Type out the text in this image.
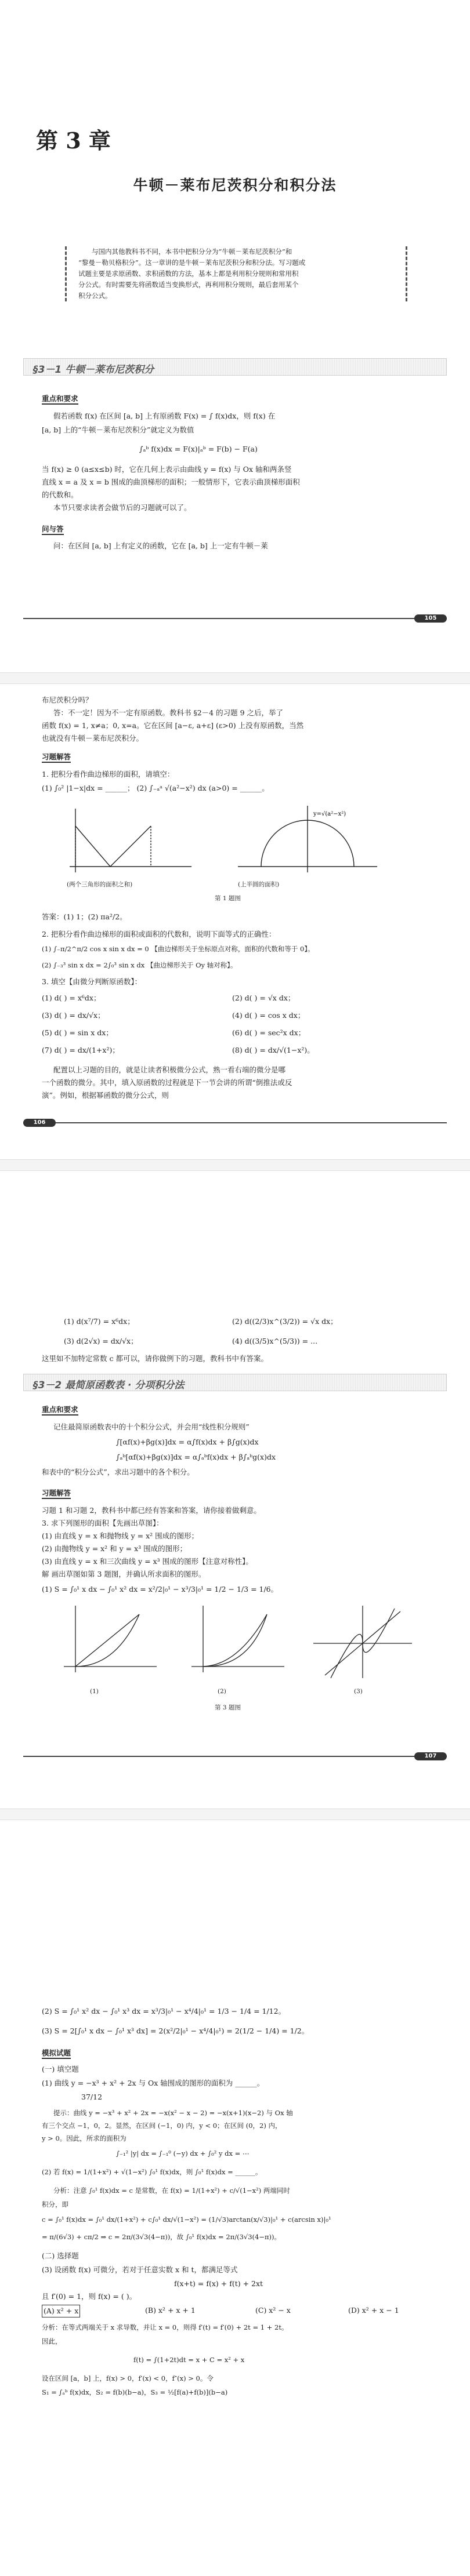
第 3 章
牛顿－莱布尼茨积分和积分法
与国内其他教科书不同，本书中把积分分为“牛顿－莱布尼茨积分”和
“黎曼－勒贝格积分”。这一章讲的是牛顿－莱布尼茨积分和积分法。写习题或
试题主要是求原函数、求积函数的方法，基本上都是利用积分规则和常用积
分公式。有时需要先将函数适当变换形式，再利用积分规则，最后套用某个
积分公式。
§3－1 牛顿－莱布尼茨积分
重点和要求
假若函数 f(x) 在区间 [a, b] 上有原函数 F(x) = ∫ f(x)dx，则 f(x) 在
[a, b] 上的“牛顿－莱布尼茨积分”就定义为数值
∫ₐᵇ f(x)dx = F(x)|ₐᵇ = F(b) − F(a)
当 f(x) ≥ 0 (a≤x≤b) 时，它在几何上表示由曲线 y = f(x) 与 Ox 轴和两条竖
直线 x = a 及 x = b 围成的曲顶梯形的面积；一般情形下，它表示曲顶梯形面积
的代数和。
本节只要求读者会做节后的习题就可以了。
问与答
问：在区间 [a, b] 上有定义的函数，它在 [a, b] 上一定有牛顿－莱
105
布尼茨积分吗？
答：不一定！因为不一定有原函数。教科书 §2－4 的习题 9 之后，举了
函数 f(x) = 1, x≠a；0, x=a。它在区间 [a−ε, a+ε] (ε>0) 上没有原函数，当然
也就没有牛顿－莱布尼茨积分。
习题解答
1. 把积分看作曲边梯形的面积，请填空：
(1) ∫₀² |1−x|dx = ______； (2) ∫₋ₐᵃ √(a²−x²) dx (a>0) = ______。
y=√(a²−x²)
(两个三角形的面积之和)	(上半圆的面积)
第 1 题图
答案：(1) 1；(2) πa²/2。
2. 把积分看作曲边梯形的面积或面积的代数和，说明下面等式的正确性：
(1) ∫₋π/2^π/2 cos x sin x dx = 0 【曲边梯形关于坐标原点对称，面积的代数和等于 0】。
(2) ∫₋₃³ sin x dx = 2∫₀³ sin x dx 【曲边梯形关于 Oy 轴对称】。
3. 填空【由微分判断原函数】：
(1) d( ) = x⁶dx；	(2) d( ) = √x dx；
(3) d( ) = dx/√x；	(4) d( ) = cos x dx；
(5) d( ) = sin x dx；	(6) d( ) = sec²x dx；
(7) d( ) = dx/(1+x²)；	(8) d( ) = dx/√(1−x²)。
配置以上习题的目的，就是让读者积极微分公式，熟一看右端的微分是哪
一个函数的微分。其中，填入原函数的过程就是下一节会讲的所谓“倒推法或反
演”。例如，根据幂函数的微分公式，则
106
(1) d(x⁷/7) = x⁶dx；	(2) d((2/3)x^(3/2)) = √x dx；
(3) d(2√x) = dx/√x；	(4) d((3/5)x^(5/3)) = ...
这里如不加特定常数 c 都可以，请你做例下的习题，教科书中有答案。
§3－2 最简原函数表 · 分项积分法
重点和要求
记住最简原函数表中的十个积分公式，并会用“线性积分规则”
∫[αf(x)+βg(x)]dx = α∫f(x)dx + β∫g(x)dx
∫ₐᵇ[αf(x)+βg(x)]dx = α∫ₐᵇf(x)dx + β∫ₐᵇg(x)dx
和表中的“积分公式”，求出习题中的各个积分。
习题解答
习题 1 和习题 2，教科书中都已经有答案和答案，请你接着做剩意。
3. 求下列图形的面积【先画出草图】：
(1) 由直线 y = x 和抛物线 y = x² 围成的图形；
(2) 由抛物线 y = x² 和 y = x³ 围成的图形；
(3) 由直线 y = x 和三次曲线 y = x³ 围成的图形【注意对称性】。
解 画出草图如第 3 题图，并确认所求面积的图形。
(1) S = ∫₀¹ x dx − ∫₀¹ x² dx = x²/2|₀¹ − x³/3|₀¹ = 1/2 − 1/3 = 1/6。
(1)	(2)	(3)
第 3 题图
107
(2) S = ∫₀¹ x² dx − ∫₀¹ x³ dx = x³/3|₀¹ − x⁴/4|₀¹ = 1/3 − 1/4 = 1/12。
(3) S = 2[∫₀¹ x dx − ∫₀¹ x³ dx] = 2(x²/2|₀¹ − x⁴/4|₀¹) = 2(1/2 − 1/4) = 1/2。
模拟试题
(一) 填空题
(1) 曲线 y = −x³ + x² + 2x 与 Ox 轴围成的图形的面积为 ______。
37/12
提示：曲线 y = −x³ + x² + 2x = −x(x² − x − 2) = −x(x+1)(x−2) 与 Ox 轴
有三个交点 −1，0，2。显然，在区间 (−1，0) 内，y < 0；在区间 (0，2) 内，
y > 0。因此，所求的面积为
∫₋₁² |y| dx = ∫₋₁⁰ (−y) dx + ∫₀² y dx = ⋯
(2) 若 f(x) = 1/(1+x²) + √(1−x²) ∫₀¹ f(x)dx，则 ∫₀¹ f(x)dx = ______。
分析：注意 ∫₀¹ f(x)dx = c 是常数，在 f(x) = 1/(1+x²) + c/√(1−x²) 两端同时
积分，即
c = ∫₀¹ f(x)dx = ∫₀¹ dx/(1+x²) + c∫₀¹ dx/√(1−x²) = (1/√3)arctan(x/√3)|₀¹ + c(arcsin x)|₀¹
= π/(6√3) + cπ/2 ⇒ c = 2π/(3√3(4−π))，故 ∫₀¹ f(x)dx = 2π/(3√3(4−π))。
(二) 选择题
(3) 设函数 f(x) 可微分，若对于任意实数 x 和 t，都满足等式
f(x+t) = f(x) + f(t) + 2xt
且 f′(0) = 1，则 f(x) = ( )。
(A) x² + x	(B) x² + x + 1	(C) x² − x	(D) x² + x − 1
分析：在等式两端关于 x 求导数，并让 x = 0，则得 f′(t) = f′(0) + 2t = 1 + 2t。
因此，
f(t) = ∫(1+2t)dt = x + C = x² + x
设在区间 [a，b] 上，f(x) > 0，f′(x) < 0，f″(x) > 0。令
S₁ = ∫ₐᵇ f(x)dx，S₂ = f(b)(b−a)，S₃ = ½[f(a)+f(b)](b−a)
